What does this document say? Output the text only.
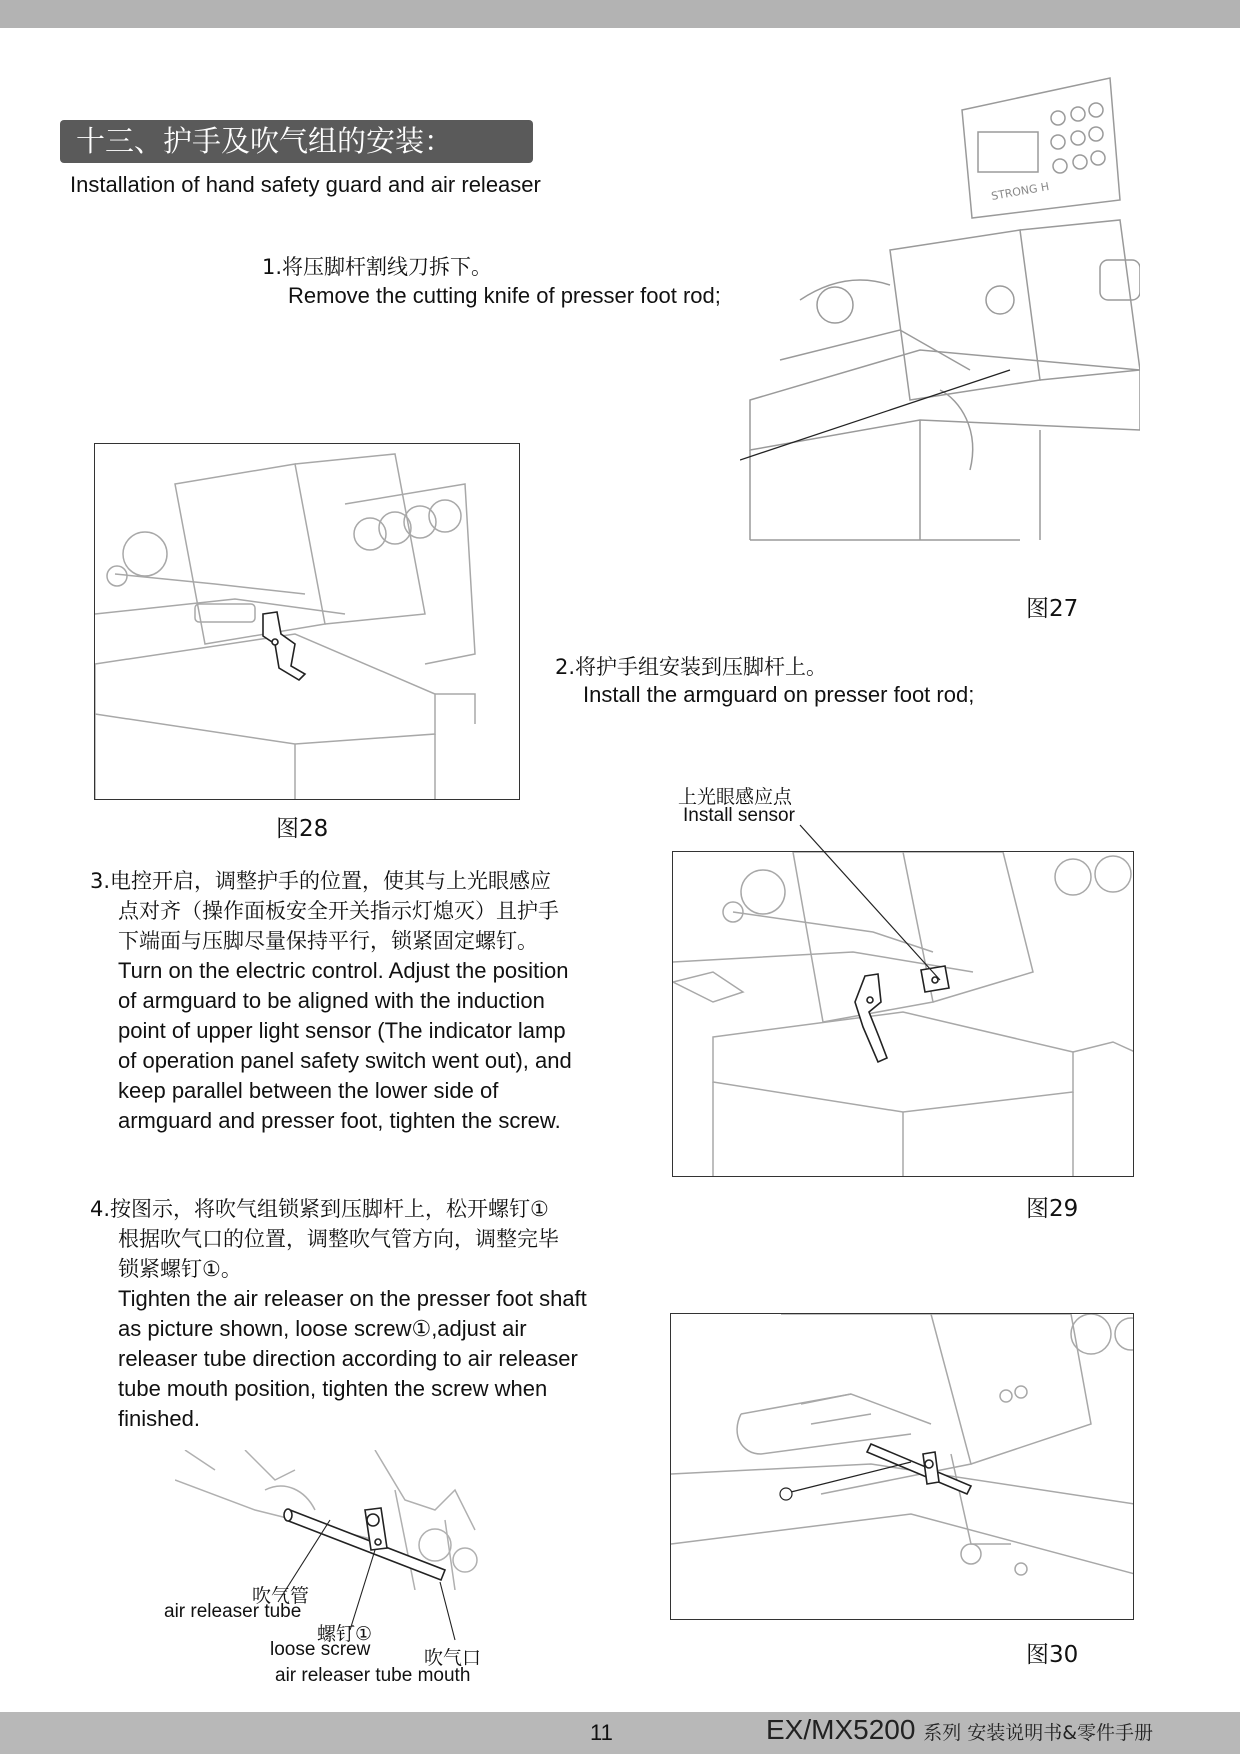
十三、护手及吹气组的安装：
Installation of hand safety guard and air releaser
1.将压脚杆割线刀拆下。
Remove the cutting knife of presser foot rod;
STRONG H
图27
图28
2.将护手组安装到压脚杆上。
Install the armguard on presser foot rod;
上光眼感应点
Install sensor
图29
3.电控开启，调整护手的位置，使其与上光眼感应
点对齐（操作面板安全开关指示灯熄灭）且护手
下端面与压脚尽量保持平行，锁紧固定螺钉。
Turn on the electric control. Adjust the position
of armguard to be aligned with the induction
point of upper light sensor (The indicator lamp
of operation panel safety switch went out), and
keep parallel between the lower side of
armguard and presser foot, tighten the screw.
4.按图示，将吹气组锁紧到压脚杆上，松开螺钉①
根据吹气口的位置，调整吹气管方向，调整完毕
锁紧螺钉①。
Tighten the air releaser on the presser foot shaft
as picture shown, loose screw①,adjust air
releaser tube direction according to air releaser
tube mouth position, tighten the screw when
finished.
吹气管
air releaser tube
螺钉①
loose screw	吹气口
air releaser tube mouth
图30
11	EX/MX5200 系列 安装说明书&零件手册
